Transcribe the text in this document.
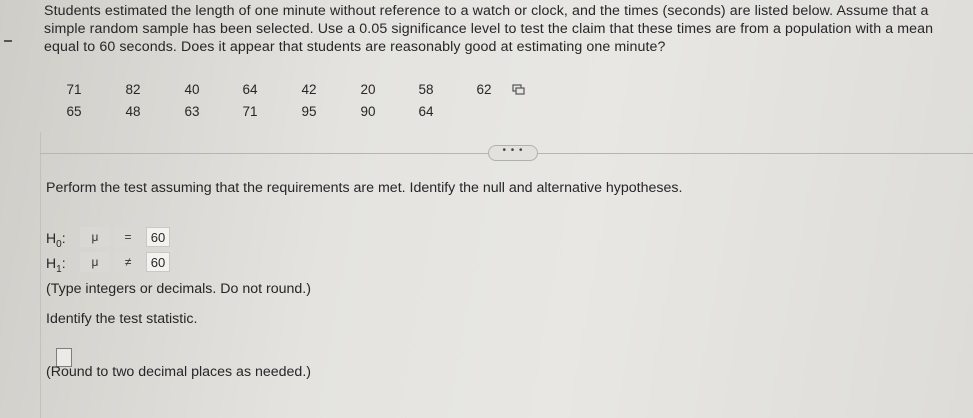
Students estimated the length of one minute without reference to a watch or clock, and the times (seconds) are listed below. Assume that a simple random sample has been selected. Use a 0.05 significance level to test the claim that these times are from a population with a mean equal to 60 seconds. Does it appear that students are reasonably good at estimating one minute?
71	82	40	64	42	20	58	62
65	48	63	71	95	90	64
• • •
Perform the test assuming that the requirements are met. Identify the null and alternative hypotheses.
$H_0$:	μ	=	60
$H_1$:	μ	≠	60
(Type integers or decimals. Do not round.)
Identify the test statistic.
(Round to two decimal places as needed.)
